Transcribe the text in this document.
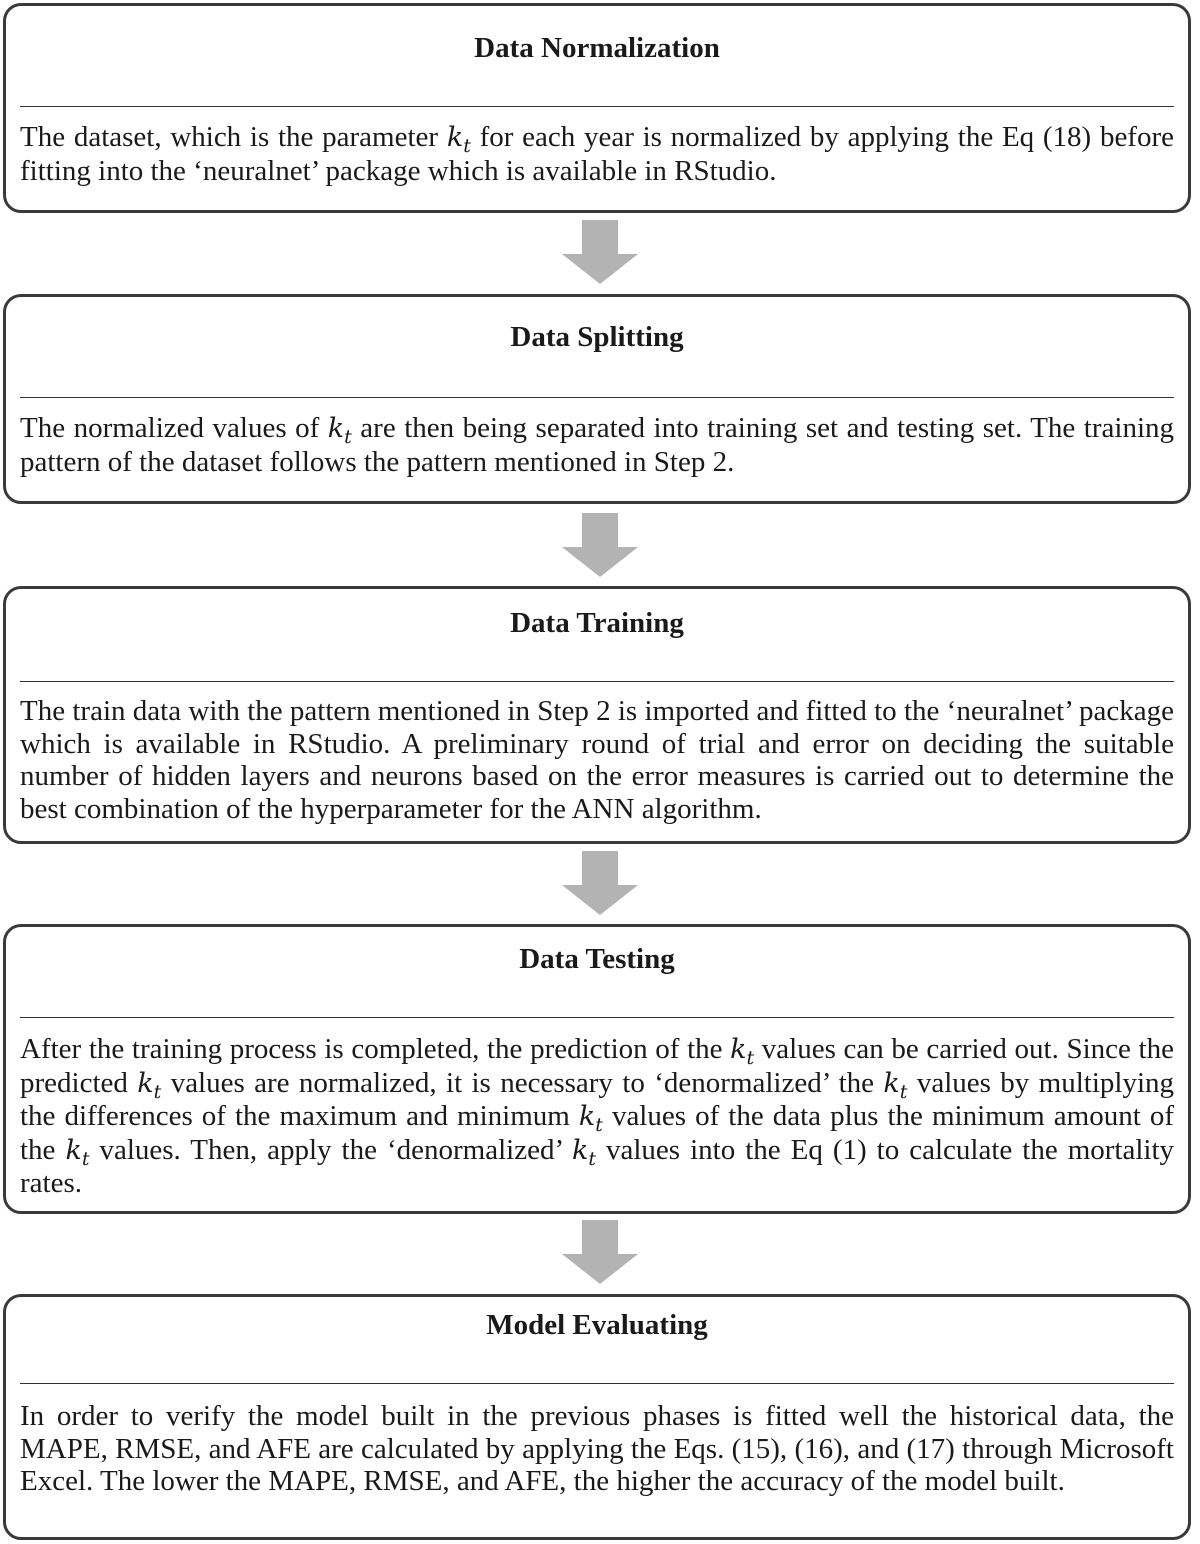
Data Normalization
The dataset, which is the parameter $k_t$ for each year is normalized by applying the Eq (18) before fitting into the ‘neuralnet’ package which is available in RStudio.
Data Splitting
The normalized values of $k_t$ are then being separated into training set and testing set. The training pattern of the dataset follows the pattern mentioned in Step 2.
Data Training
The train data with the pattern mentioned in Step 2 is imported and fitted to the ‘neuralnet’ package which is available in RStudio. A preliminary round of trial and error on deciding the suitable number of hidden layers and neurons based on the error measures is carried out to determine the best combination of the hyperparameter for the ANN algorithm.
Data Testing
After the training process is completed, the prediction of the $k_t$ values can be carried out. Since the predicted $k_t$ values are normalized, it is necessary to ‘denormalized’ the $k_t$ values by multiplying the differences of the maximum and minimum $k_t$ values of the data plus the minimum amount of the $k_t$ values. Then, apply the ‘denormalized’ $k_t$ values into the Eq (1) to calculate the mortality rates.
Model Evaluating
In order to verify the model built in the previous phases is fitted well the historical data, the MAPE, RMSE, and AFE are calculated by applying the Eqs. (15), (16), and (17) through Microsoft Excel. The lower the MAPE, RMSE, and AFE, the higher the accuracy of the model built.
